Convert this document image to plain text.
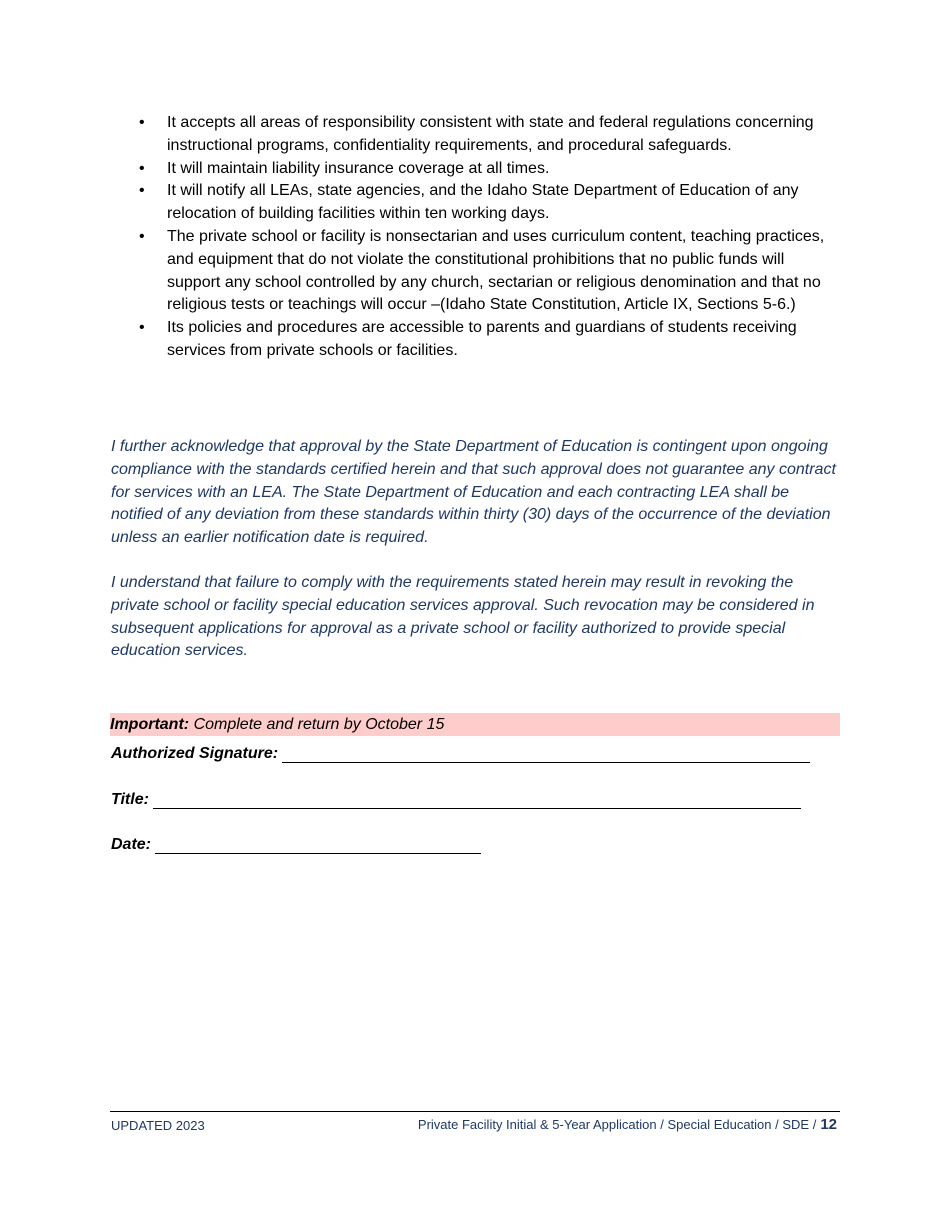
• It accepts all areas of responsibility consistent with state and federal regulations concerning instructional programs, confidentiality requirements, and procedural safeguards.
• It will maintain liability insurance coverage at all times.
• It will notify all LEAs, state agencies, and the Idaho State Department of Education of any relocation of building facilities within ten working days.
• The private school or facility is nonsectarian and uses curriculum content, teaching practices, and equipment that do not violate the constitutional prohibitions that no public funds will support any school controlled by any church, sectarian or religious denomination and that no religious tests or teachings will occur –(Idaho State Constitution, Article IX, Sections 5-6.)
• Its policies and procedures are accessible to parents and guardians of students receiving services from private schools or facilities.

I further acknowledge that approval by the State Department of Education is contingent upon ongoing compliance with the standards certified herein and that such approval does not guarantee any contract for services with an LEA. The State Department of Education and each contracting LEA shall be notified of any deviation from these standards within thirty (30) days of the occurrence of the deviation unless an earlier notification date is required.

I understand that failure to comply with the requirements stated herein may result in revoking the private school or facility special education services approval. Such revocation may be considered in subsequent applications for approval as a private school or facility authorized to provide special education services.

Important: Complete and return by October 15
Authorized Signature:
Title:
Date:
UPDATED 2023	Private Facility Initial & 5-Year Application / Special Education / SDE / 12
